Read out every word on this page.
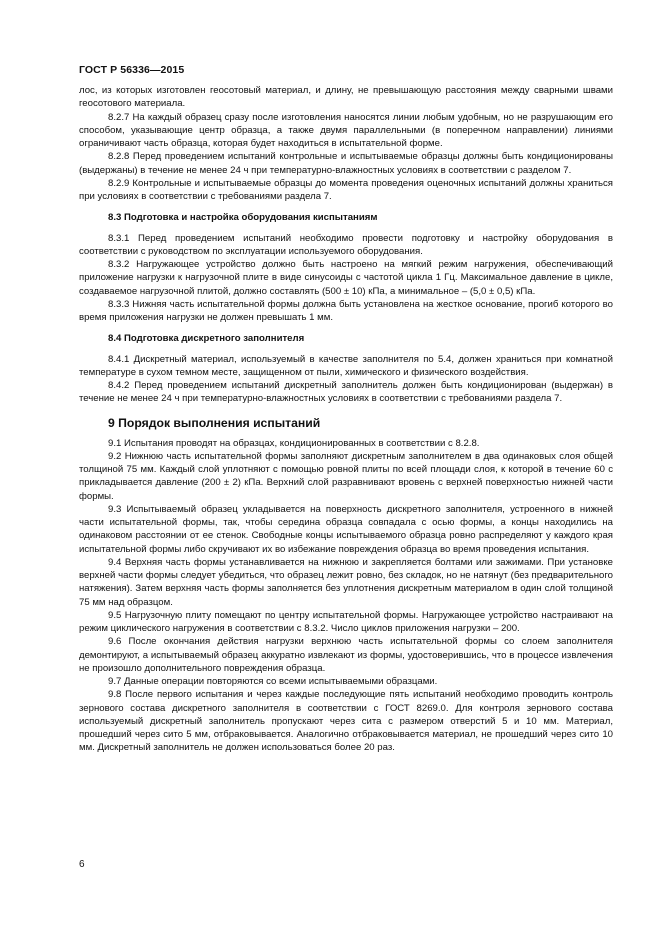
ГОСТ Р 56336—2015

лос, из которых изготовлен геосотовый материал, и длину, не превышающую расстояния между сварными швами геосотового материала.

8.2.7 На каждый образец сразу после изготовления наносятся линии любым удобным, но не разрушающим его способом, указывающие центр образца, а также двумя параллельными (в поперечном направлении) линиями ограничивают часть образца, которая будет находиться в испытательной форме.

8.2.8 Перед проведением испытаний контрольные и испытываемые образцы должны быть кондиционированы (выдержаны) в течение не менее 24 ч при температурно-влажностных условиях в соответствии с разделом 7.

8.2.9 Контрольные и испытываемые образцы до момента проведения оценочных испытаний должны храниться при условиях в соответствии с требованиями раздела 7.

8.3 Подготовка и настройка оборудования киспытаниям

8.3.1 Перед проведением испытаний необходимо провести подготовку и настройку оборудования в соответствии с руководством по эксплуатации используемого оборудования.

8.3.2 Нагружающее устройство должно быть настроено на мягкий режим нагружения, обеспечивающий приложение нагрузки к нагрузочной плите в виде синусоиды с частотой цикла 1 Гц. Максимальное давление в цикле, создаваемое нагрузочной плитой, должно составлять (500 ± 10) кПа, а минимальное – (5,0 ± 0,5) кПа.

8.3.3 Нижняя часть испытательной формы должна быть установлена на жесткое основание, прогиб которого во время приложения нагрузки не должен превышать 1 мм.

8.4 Подготовка дискретного заполнителя

8.4.1 Дискретный материал, используемый в качестве заполнителя по 5.4, должен храниться при комнатной температуре в сухом темном месте, защищенном от пыли, химического и физического воздействия.

8.4.2 Перед проведением испытаний дискретный заполнитель должен быть кондиционирован (выдержан) в течение не менее 24 ч при температурно-влажностных условиях в соответствии с требованиями раздела 7.

9 Порядок выполнения испытаний

9.1 Испытания проводят на образцах, кондиционированных в соответствии с 8.2.8.

9.2 Нижнюю часть испытательной формы заполняют дискретным заполнителем в два одинаковых слоя общей толщиной 75 мм. Каждый слой уплотняют с помощью ровной плиты по всей площади слоя, к которой в течение 60 с прикладывается давление (200 ± 2) кПа. Верхний слой разравнивают вровень с верхней поверхностью нижней части формы.

9.3 Испытываемый образец укладывается на поверхность дискретного заполнителя, устроенного в нижней части испытательной формы, так, чтобы середина образца совпадала с осью формы, а концы находились на одинаковом расстоянии от ее стенок. Свободные концы испытываемого образца ровно распределяют у каждого края испытательной формы либо скручивают их во избежание повреждения образца во время проведения испытания.

9.4 Верхняя часть формы устанавливается на нижнюю и закрепляется болтами или зажимами. При установке верхней части формы следует убедиться, что образец лежит ровно, без складок, но не натянут (без предварительного натяжения). Затем верхняя часть формы заполняется без уплотнения дискретным материалом в один слой толщиной 75 мм над образцом.

9.5 Нагрузочную плиту помещают по центру испытательной формы. Нагружающее устройство настраивают на режим циклического нагружения в соответствии с 8.3.2. Число циклов приложения нагрузки – 200.

9.6 После окончания действия нагрузки верхнюю часть испытательной формы со слоем заполнителя демонтируют, а испытываемый образец аккуратно извлекают из формы, удостоверившись, что в процессе извлечения не произошло дополнительного повреждения образца.

9.7 Данные операции повторяются со всеми испытываемыми образцами.

9.8 После первого испытания и через каждые последующие пять испытаний необходимо проводить контроль зернового состава дискретного заполнителя в соответствии с ГОСТ 8269.0. Для контроля зернового состава используемый дискретный заполнитель пропускают через сита с размером отверстий 5 и 10 мм. Материал, прошедший через сито 5 мм, отбраковывается. Аналогично отбраковывается материал, не прошедший через сито 10 мм. Дискретный заполнитель не должен использоваться более 20 раз.

6
